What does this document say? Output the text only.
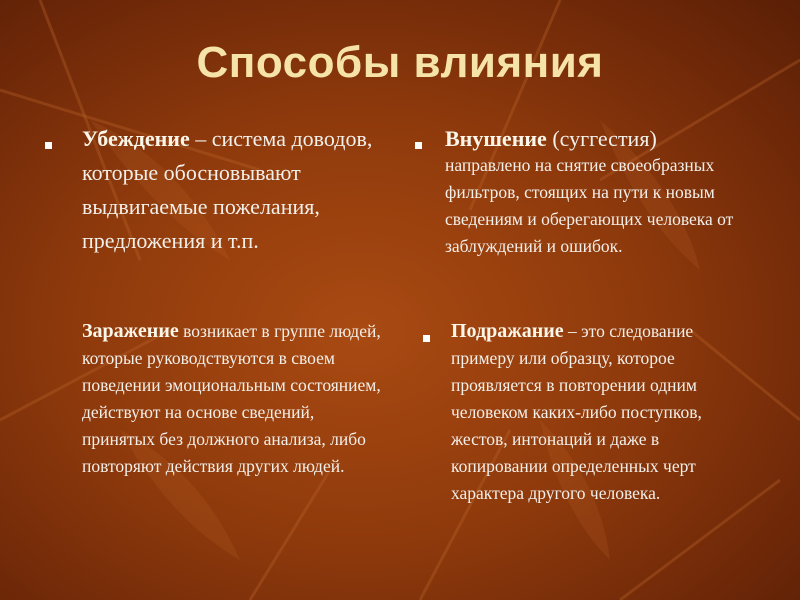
Способы влияния
Убеждение – система доводов, которые обосновывают выдвигаемые пожелания, предложения и т.п.
Внушение (суггестия)
направлено на снятие своеобразных фильтров, стоящих на пути к новым сведениям и оберегающих человека от заблуждений и ошибок.
Заражение возникает в группе людей, которые руководствуются в своем поведении эмоциональным состоянием, действуют на основе сведений, принятых без должного анализа, либо повторяют действия других людей.
Подражание – это следование примеру или образцу, которое проявляется в повторении одним человеком каких-либо поступков, жестов, интонаций и даже в копировании определенных черт характера другого человека.
